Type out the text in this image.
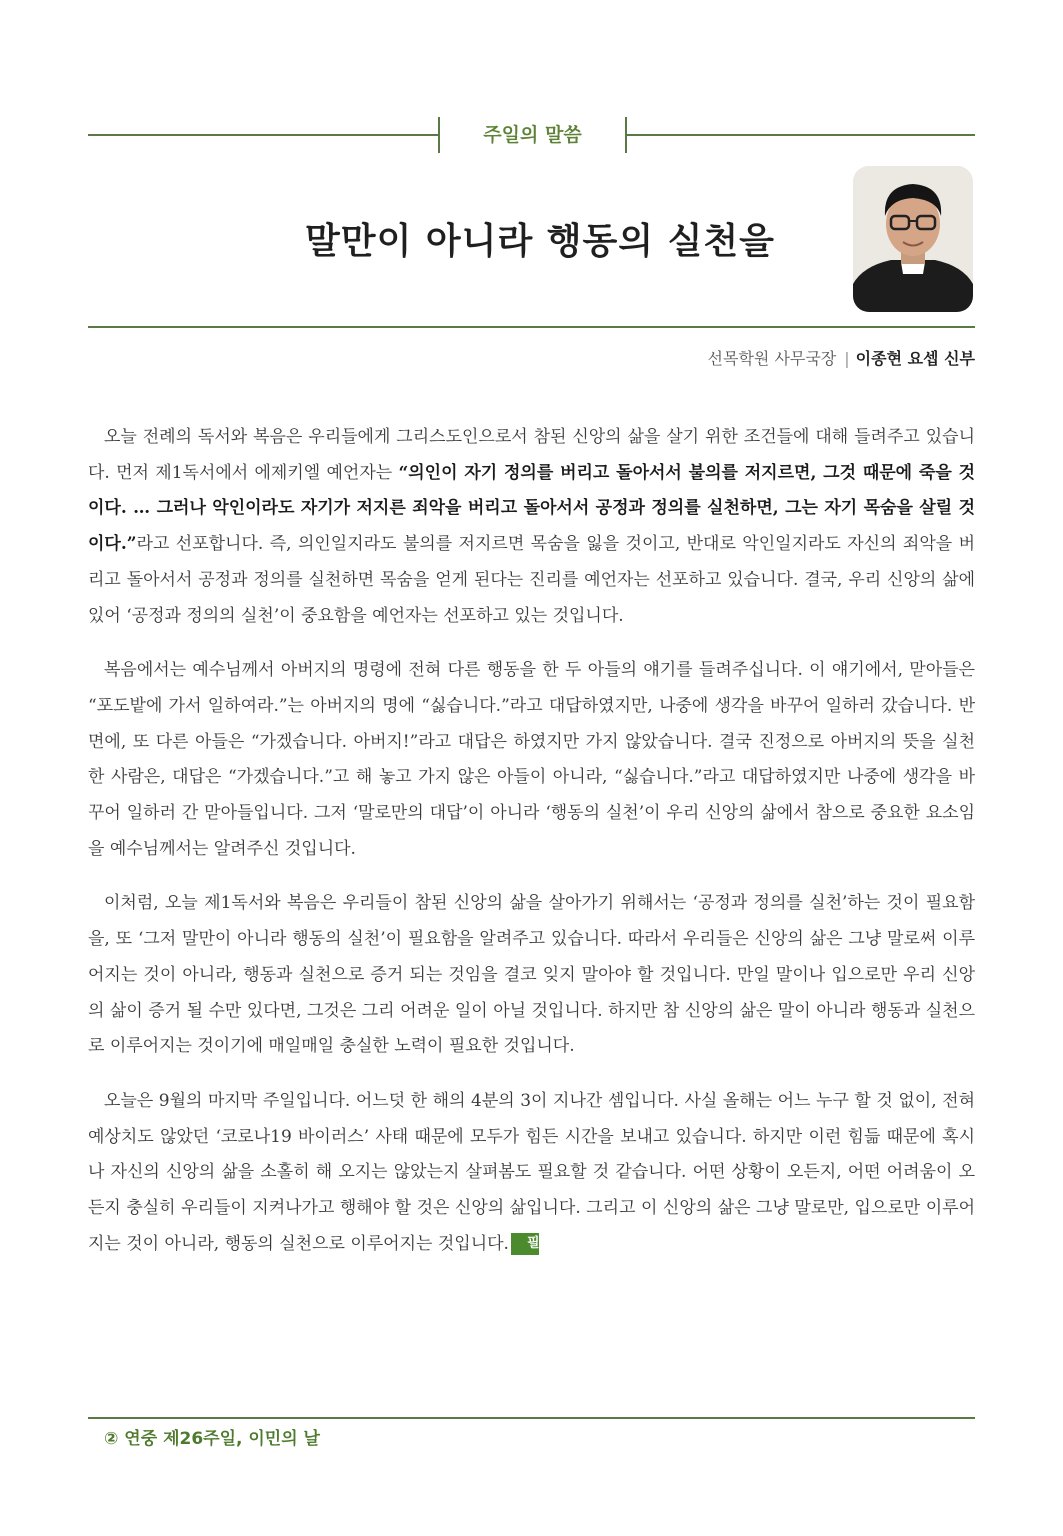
주일의 말씀
말만이 아니라 행동의 실천을
선목학원 사무국장 | 이종현 요셉 신부

오늘 전례의 독서와 복음은 우리들에게 그리스도인으로서 참된 신앙의 삶을 살기 위한 조건들에 대해 들려주고 있습니다. 먼저 제1독서에서 에제키엘 예언자는 “의인이 자기 정의를 버리고 돌아서서 불의를 저지르면, 그것 때문에 죽을 것이다. … 그러나 악인이라도 자기가 저지른 죄악을 버리고 돌아서서 공정과 정의를 실천하면, 그는 자기 목숨을 살릴 것이다.”라고 선포합니다. 즉, 의인일지라도 불의를 저지르면 목숨을 잃을 것이고, 반대로 악인일지라도 자신의 죄악을 버리고 돌아서서 공정과 정의를 실천하면 목숨을 얻게 된다는 진리를 예언자는 선포하고 있습니다. 결국, 우리 신앙의 삶에 있어 ‘공정과 정의의 실천’이 중요함을 예언자는 선포하고 있는 것입니다.

복음에서는 예수님께서 아버지의 명령에 전혀 다른 행동을 한 두 아들의 얘기를 들려주십니다. 이 얘기에서, 맏아들은 “포도밭에 가서 일하여라.”는 아버지의 명에 “싫습니다.”라고 대답하였지만, 나중에 생각을 바꾸어 일하러 갔습니다. 반면에, 또 다른 아들은 “가겠습니다. 아버지!”라고 대답은 하였지만 가지 않았습니다. 결국 진정으로 아버지의 뜻을 실천한 사람은, 대답은 “가겠습니다.”고 해 놓고 가지 않은 아들이 아니라, “싫습니다.”라고 대답하였지만 나중에 생각을 바꾸어 일하러 간 맏아들입니다. 그저 ‘말로만의 대답’이 아니라 ‘행동의 실천’이 우리 신앙의 삶에서 참으로 중요한 요소임을 예수님께서는 알려주신 것입니다.

이처럼, 오늘 제1독서와 복음은 우리들이 참된 신앙의 삶을 살아가기 위해서는 ‘공정과 정의를 실천’하는 것이 필요함을, 또 ‘그저 말만이 아니라 행동의 실천’이 필요함을 알려주고 있습니다. 따라서 우리들은 신앙의 삶은 그냥 말로써 이루어지는 것이 아니라, 행동과 실천으로 증거 되는 것임을 결코 잊지 말아야 할 것입니다. 만일 말이나 입으로만 우리 신앙의 삶이 증거 될 수만 있다면, 그것은 그리 어려운 일이 아닐 것입니다. 하지만 참 신앙의 삶은 말이 아니라 행동과 실천으로 이루어지는 것이기에 매일매일 충실한 노력이 필요한 것입니다.

오늘은 9월의 마지막 주일입니다. 어느덧 한 해의 4분의 3이 지나간 셈입니다. 사실 올해는 어느 누구 할 것 없이, 전혀 예상치도 않았던 ‘코로나19 바이러스’ 사태 때문에 모두가 힘든 시간을 보내고 있습니다. 하지만 이런 힘듦 때문에 혹시나 자신의 신앙의 삶을 소홀히 해 오지는 않았는지 살펴봄도 필요할 것 같습니다. 어떤 상황이 오든지, 어떤 어려움이 오든지 충실히 우리들이 지켜나가고 행해야 할 것은 신앙의 삶입니다. 그리고 이 신앙의 삶은 그냥 말로만, 입으로만 이루어지는 것이 아니라, 행동의 실천으로 이루어지는 것입니다. 필쿨

② 연중 제26주일, 이민의 날
